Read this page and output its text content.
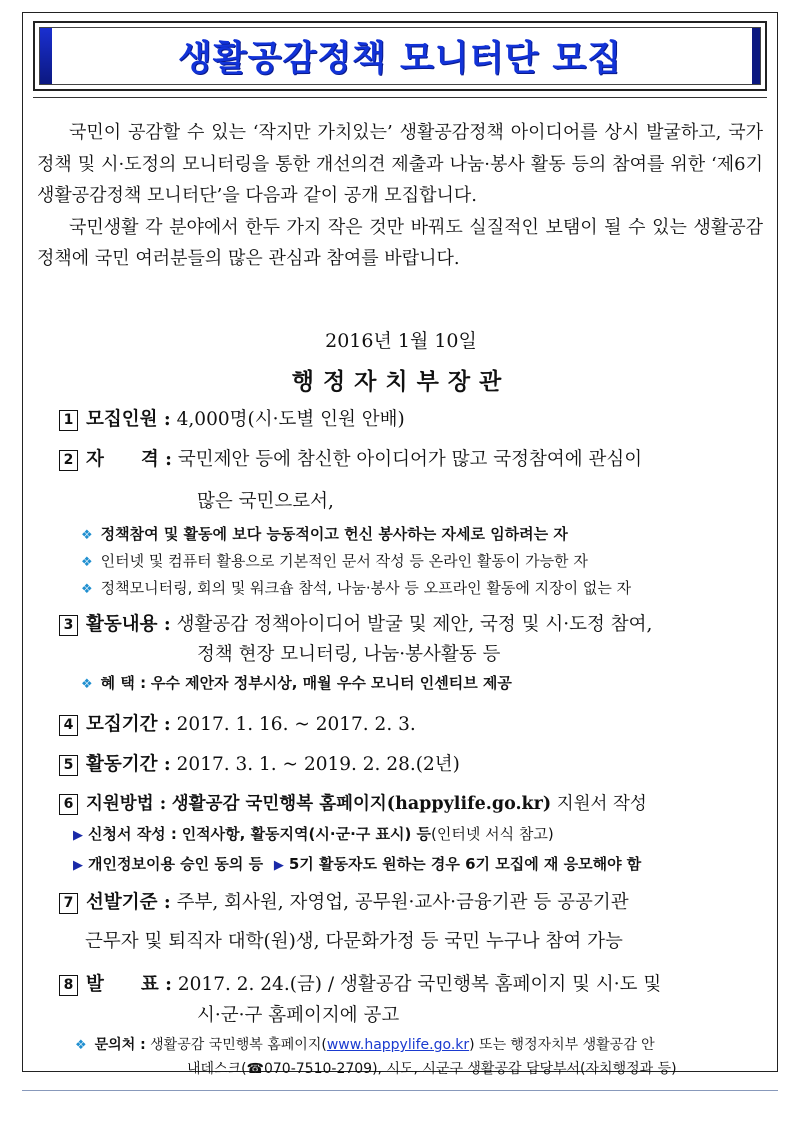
생활공감정책 모니터단 모집

국민이 공감할 수 있는 ‘작지만 가치있는’ 생활공감정책 아이디어를 상시 발굴하고, 국가정책 및 시·도정의 모니터링을 통한 개선의견 제출과 나눔·봉사 활동 등의 참여를 위한 ‘제6기 생활공감정책 모니터단’을 다음과 같이 공개 모집합니다.

국민생활 각 분야에서 한두 가지 작은 것만 바꿔도 실질적인 보탬이 될 수 있는 생활공감정책에 국민 여러분들의 많은 관심과 참여를 바랍니다.

2016년 1월 10일
행정자치부장관
1 모집인원 : 4,000명(시·도별 인원 안배)
2 자　　격 : 국민제안 등에 참신한 아이디어가 많고 국정참여에 관심이
많은 국민으로서,
❖ 정책참여 및 활동에 보다 능동적이고 헌신 봉사하는 자세로 임하려는 자
❖ 인터넷 및 컴퓨터 활용으로 기본적인 문서 작성 등 온라인 활동이 가능한 자
❖ 정책모니터링, 회의 및 워크숍 참석, 나눔·봉사 등 오프라인 활동에 지장이 없는 자
3 활동내용 : 생활공감 정책아이디어 발굴 및 제안, 국정 및 시·도정 참여,
정책 현장 모니터링, 나눔·봉사활동 등
❖ 혜 택 : 우수 제안자 정부시상, 매월 우수 모니터 인센티브 제공
4 모집기간 : 2017. 1. 16. ~ 2017. 2. 3.
5 활동기간 : 2017. 3. 1. ~ 2019. 2. 28.(2년)
6 지원방법 : 생활공감 국민행복 홈페이지(happylife.go.kr) 지원서 작성
▶ 신청서 작성 : 인적사항, 활동지역(시·군·구 표시) 등(인터넷 서식 참고)
▶ 개인정보이용 승인 동의 등 ▶ 5기 활동자도 원하는 경우 6기 모집에 재 응모해야 함
7 선발기준 : 주부, 회사원, 자영업, 공무원·교사·금융기관 등 공공기관
근무자 및 퇴직자 대학(원)생, 다문화가정 등 국민 누구나 참여 가능
8 발　　표 : 2017. 2. 24.(금) / 생활공감 국민행복 홈페이지 및 시·도 및
시·군·구 홈페이지에 공고
❖ 문의처 : 생활공감 국민행복 홈페이지(www.happylife.go.kr) 또는 행정자치부 생활공감 안
내데스크(☎070-7510-2709), 시도, 시군구 생활공감 담당부서(자치행정과 등)
